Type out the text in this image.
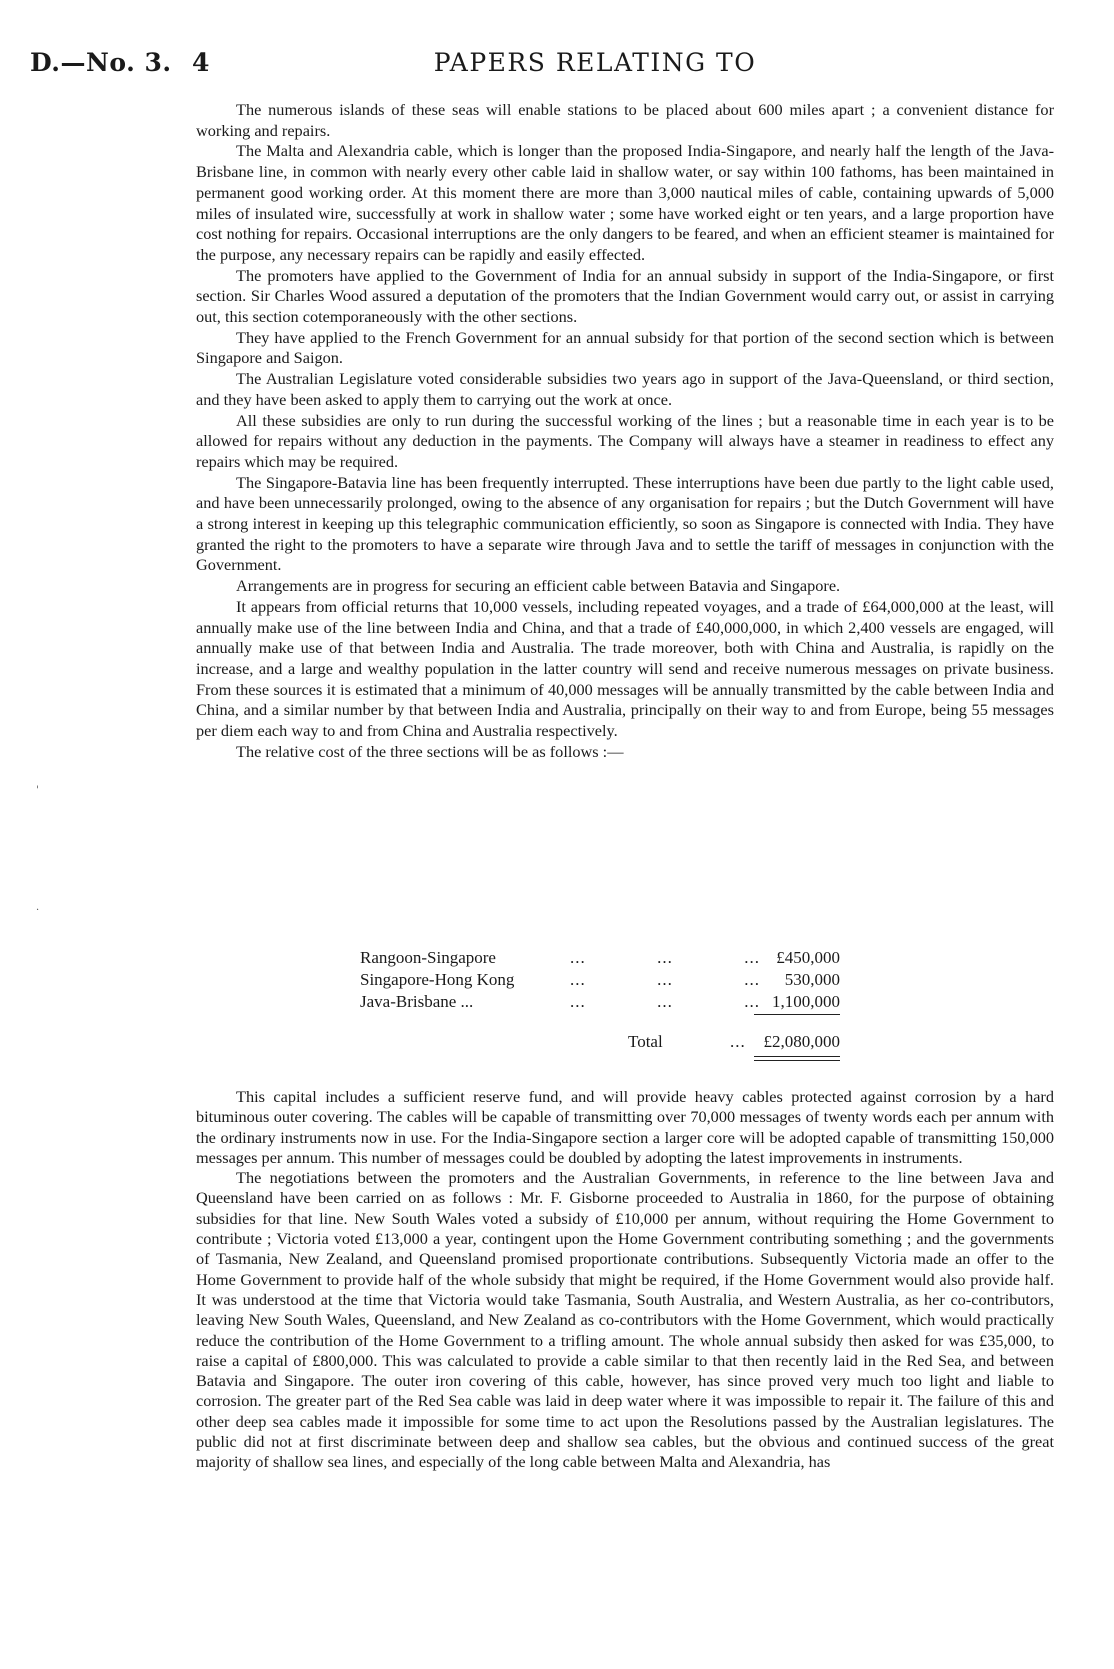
D.—No. 3. 4	PAPERS RELATING TO
'
·

The numerous islands of these seas will enable stations to be placed about 600 miles apart ; a convenient distance for working and repairs.

The Malta and Alexandria cable, which is longer than the proposed India-Singapore, and nearly half the length of the Java-Brisbane line, in common with nearly every other cable laid in shallow water, or say within 100 fathoms, has been maintained in permanent good working order. At this moment there are more than 3,000 nautical miles of cable, containing upwards of 5,000 miles of insulated wire, successfully at work in shallow water ; some have worked eight or ten years, and a large proportion have cost nothing for repairs. Occasional interruptions are the only dangers to be feared, and when an efficient steamer is maintained for the purpose, any necessary repairs can be rapidly and easily effected.

The promoters have applied to the Government of India for an annual subsidy in support of the India-Singapore, or first section. Sir Charles Wood assured a deputation of the promoters that the Indian Government would carry out, or assist in carrying out, this section cotemporaneously with the other sections.

They have applied to the French Government for an annual subsidy for that portion of the second section which is between Singapore and Saigon.

The Australian Legislature voted considerable subsidies two years ago in support of the Java-Queensland, or third section, and they have been asked to apply them to carrying out the work at once.

All these subsidies are only to run during the successful working of the lines ; but a reasonable time in each year is to be allowed for repairs without any deduction in the payments. The Company will always have a steamer in readiness to effect any repairs which may be required.

The Singapore-Batavia line has been frequently interrupted. These interruptions have been due partly to the light cable used, and have been unnecessarily prolonged, owing to the absence of any organisation for repairs ; but the Dutch Government will have a strong interest in keeping up this telegraphic communication efficiently, so soon as Singapore is connected with India. They have granted the right to the promoters to have a separate wire through Java and to settle the tariff of messages in conjunction with the Government.

Arrangements are in progress for securing an efficient cable between Batavia and Singapore.

It appears from official returns that 10,000 vessels, including repeated voyages, and a trade of £64,000,000 at the least, will annually make use of the line between India and China, and that a trade of £40,000,000, in which 2,400 vessels are engaged, will annually make use of that between India and Australia. The trade moreover, both with China and Australia, is rapidly on the increase, and a large and wealthy population in the latter country will send and receive numerous messages on private business. From these sources it is estimated that a minimum of 40,000 messages will be annually transmitted by the cable between India and China, and a similar number by that between India and Australia, principally on their way to and from Europe, being 55 messages per diem each way to and from China and Australia respectively.

The relative cost of the three sections will be as follows :—

Rangoon-Singapore	...	...	... £450,000
Singapore-Hong Kong	...	...	... 530,000
Java-Brisbane ...	...	...	... 1,100,000
Total	... £2,080,000

This capital includes a sufficient reserve fund, and will provide heavy cables protected against corrosion by a hard bituminous outer covering. The cables will be capable of transmitting over 70,000 messages of twenty words each per annum with the ordinary instruments now in use. For the India-Singapore section a larger core will be adopted capable of transmitting 150,000 messages per annum. This number of messages could be doubled by adopting the latest improvements in instruments.

The negotiations between the promoters and the Australian Governments, in reference to the line between Java and Queensland have been carried on as follows : Mr. F. Gisborne proceeded to Australia in 1860, for the purpose of obtaining subsidies for that line. New South Wales voted a subsidy of £10,000 per annum, without requiring the Home Government to contribute ; Victoria voted £13,000 a year, contingent upon the Home Government contributing something ; and the governments of Tasmania, New Zealand, and Queensland promised proportionate contributions. Subsequently Victoria made an offer to the Home Government to provide half of the whole subsidy that might be required, if the Home Government would also provide half. It was understood at the time that Victoria would take Tasmania, South Australia, and Western Australia, as her co-contributors, leaving New South Wales, Queensland, and New Zealand as co-contributors with the Home Government, which would practically reduce the contribution of the Home Government to a trifling amount. The whole annual subsidy then asked for was £35,000, to raise a capital of £800,000. This was calculated to provide a cable similar to that then recently laid in the Red Sea, and between Batavia and Singapore. The outer iron covering of this cable, however, has since proved very much too light and liable to corrosion. The greater part of the Red Sea cable was laid in deep water where it was impossible to repair it. The failure of this and other deep sea cables made it impossible for some time to act upon the Resolutions passed by the Australian legislatures. The public did not at first discriminate between deep and shallow sea cables, but the obvious and continued success of the great majority of shallow sea lines, and especially of the long cable between Malta and Alexandria, has
